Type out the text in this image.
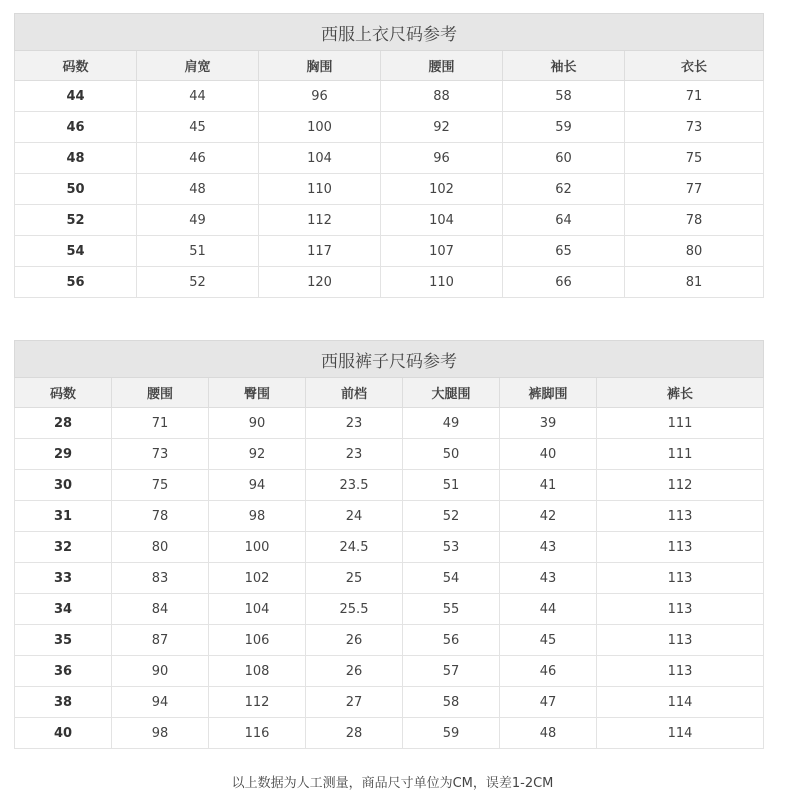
西服上衣尺码参考					
码数	肩宽	胸围	腰围	袖长	衣长
44	44	96	88	58	71
46	45	100	92	59	73
48	46	104	96	60	75
50	48	110	102	62	77
52	49	112	104	64	78
54	51	117	107	65	80
56	52	120	110	66	81
西服裤子尺码参考						
码数	腰围	臀围	前档	大腿围	裤脚围	裤长
28	71	90	23	49	39	111
29	73	92	23	50	40	111
30	75	94	23.5	51	41	112
31	78	98	24	52	42	113
32	80	100	24.5	53	43	113
33	83	102	25	54	43	113
34	84	104	25.5	55	44	113
35	87	106	26	56	45	113
36	90	108	26	57	46	113
38	94	112	27	58	47	114
40	98	116	28	59	48	114
以上数据为人工测量，商品尺寸单位为CM，误差1-2CM
